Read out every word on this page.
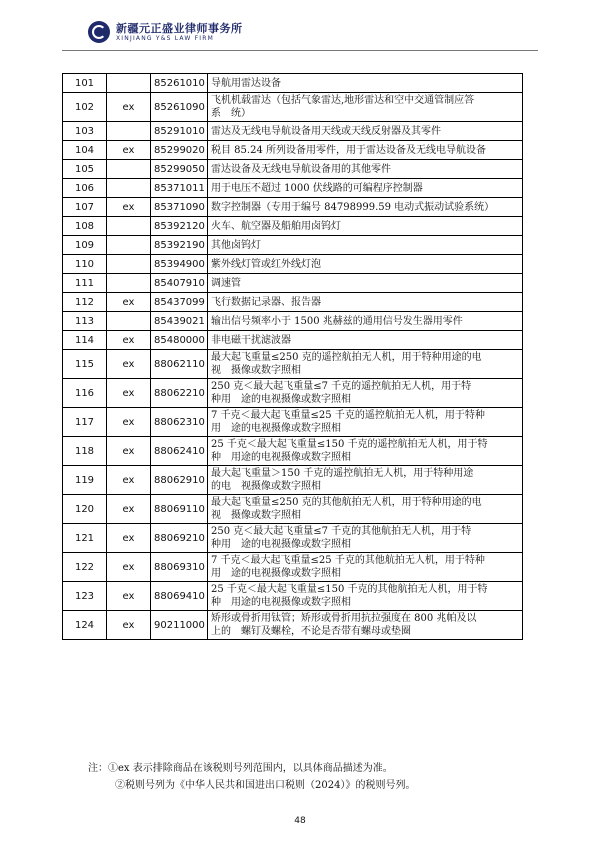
新疆元正盛业律师事务所
XINJIANG Y&S LAW FIRM
101		85261010	导航用雷达设备

102	ex	85261090	飞机机载雷达（包括气象雷达,地形雷达和空中交通管制应答
系　统）

103		85291010	雷达及无线电导航设备用天线或天线反射器及其零件

104	ex	85299020	税目 85.24 所列设备用零件，用于雷达设备及无线电导航设备

105		85299050	雷达设备及无线电导航设备用的其他零件

106		85371011	用于电压不超过 1000 伏线路的可编程序控制器

107	ex	85371090	数字控制器（专用于编号 84798999.59 电动式振动试验系统）

108		85392120	火车、航空器及船舶用卤钨灯

109		85392190	其他卤钨灯

110		85394900	紫外线灯管或红外线灯泡

111		85407910	调速管

112	ex	85437099	飞行数据记录器、报告器

113		85439021	输出信号频率小于 1500 兆赫兹的通用信号发生器用零件

114	ex	85480000	非电磁干扰滤波器

115	ex	88062110	最大起飞重量≤250 克的遥控航拍无人机，用于特种用途的电
视　摄像或数字照相

116	ex	88062210	250 克＜最大起飞重量≤7 千克的遥控航拍无人机，用于特
种用　途的电视摄像或数字照相

117	ex	88062310	7 千克＜最大起飞重量≤25 千克的遥控航拍无人机，用于特种
用　途的电视摄像或数字照相

118	ex	88062410	25 千克＜最大起飞重量≤150 千克的遥控航拍无人机，用于特
种　用途的电视摄像或数字照相

119	ex	88062910	最大起飞重量＞150 千克的遥控航拍无人机，用于特种用途
的电　视摄像或数字照相

120	ex	88069110	最大起飞重量≤250 克的其他航拍无人机，用于特种用途的电
视　摄像或数字照相

121	ex	88069210	250 克＜最大起飞重量≤7 千克的其他航拍无人机，用于特
种用　途的电视摄像或数字照相

122	ex	88069310	7 千克＜最大起飞重量≤25 千克的其他航拍无人机，用于特种
用　途的电视摄像或数字照相

123	ex	88069410	25 千克＜最大起飞重量≤150 千克的其他航拍无人机，用于特
种　用途的电视摄像或数字照相

124	ex	90211000	矫形或骨折用钛管；矫形或骨折用抗拉强度在 800 兆帕及以
上的　螺钉及螺栓，不论是否带有螺母或垫圈
注：①ex 表示排除商品在该税则号列范围内，以具体商品描述为准。
②税则号列为《中华人民共和国进出口税则（2024）》的税则号列。
48
